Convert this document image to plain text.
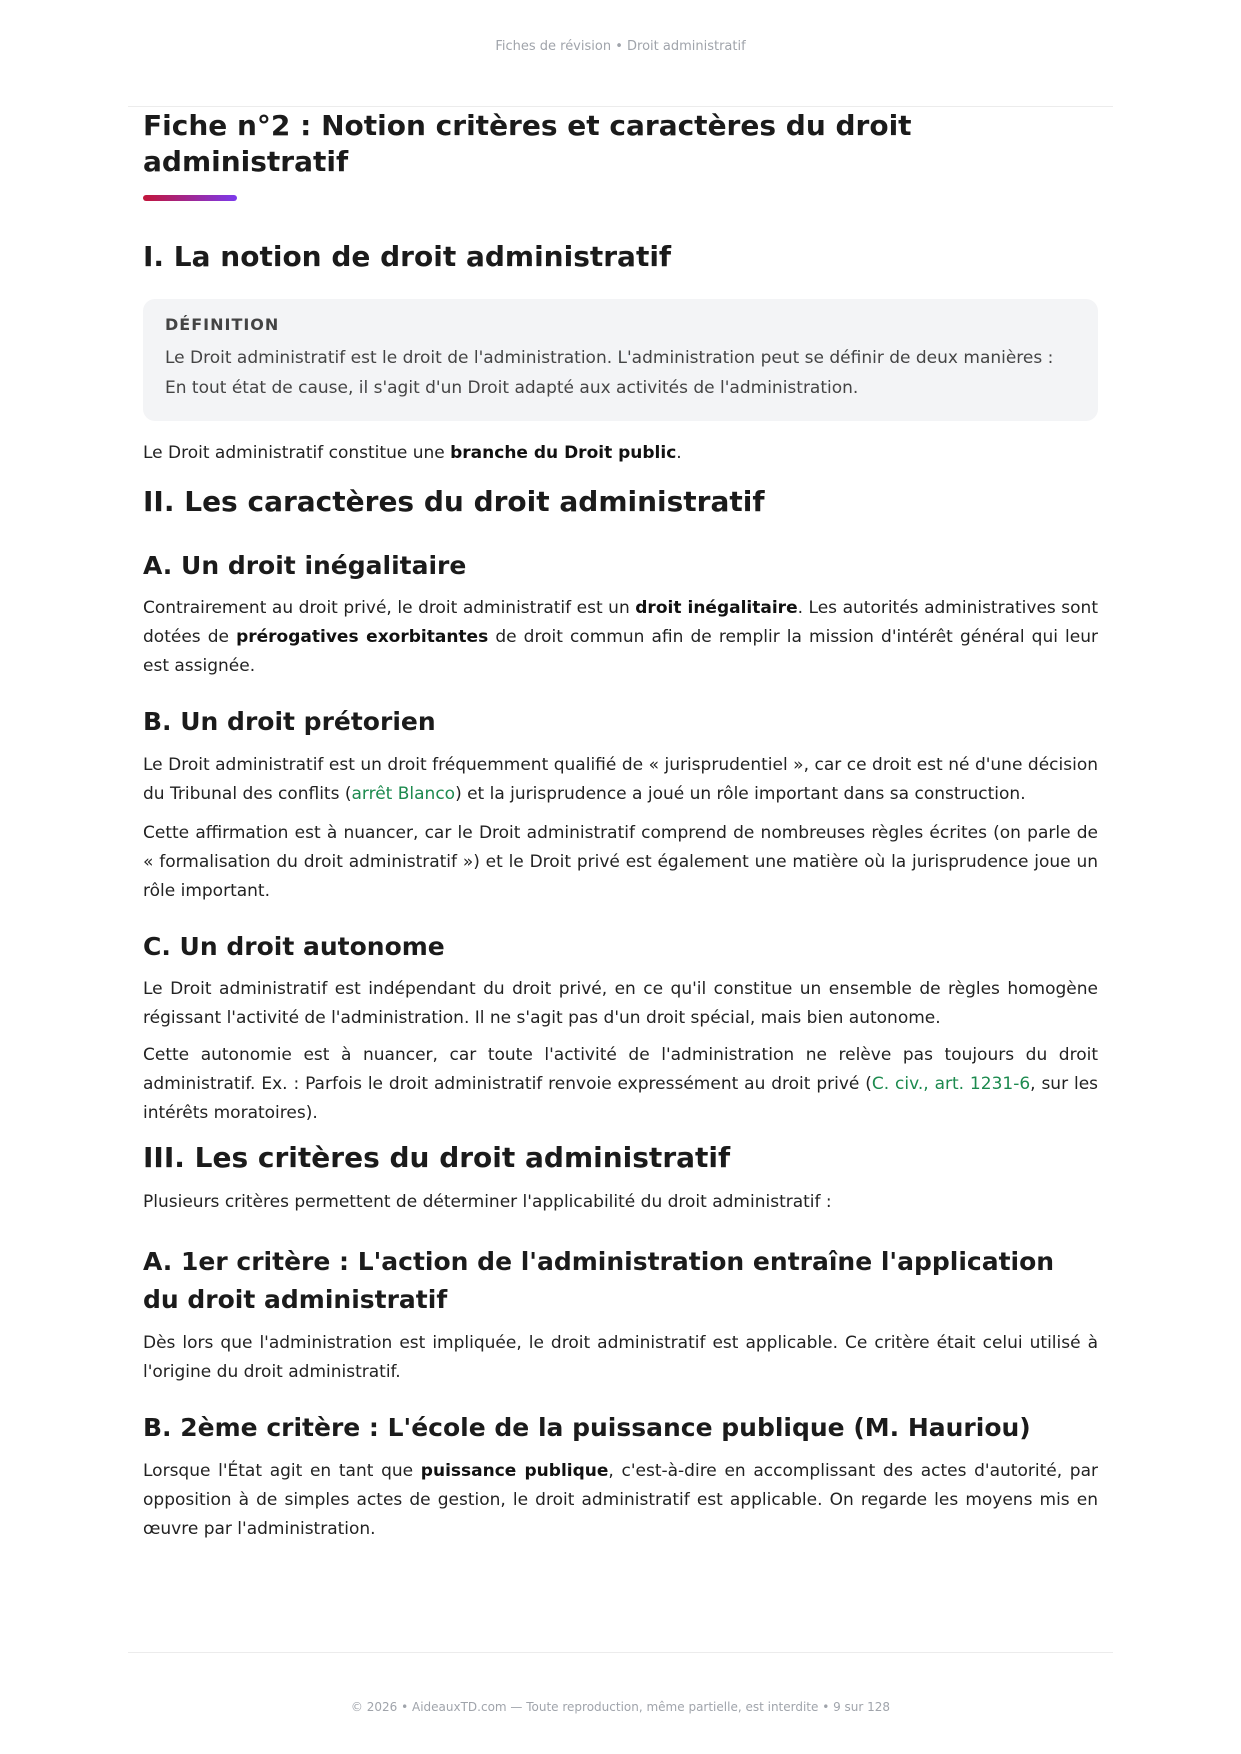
Fiches de révision • Droit administratif
Fiche n°2 : Notion critères et caractères du droit administratif
I. La notion de droit administratif
DÉFINITION

Le Droit administratif est le droit de l'administration. L'administration peut se définir de deux manières :

En tout état de cause, il s'agit d'un Droit adapté aux activités de l'administration.

Le Droit administratif constitue une branche du Droit public.

II. Les caractères du droit administratif
A. Un droit inégalitaire

Contrairement au droit privé, le droit administratif est un droit inégalitaire. Les autorités administratives sont dotées de prérogatives exorbitantes de droit commun afin de remplir la mission d'intérêt général qui leur est assignée.

B. Un droit prétorien

Le Droit administratif est un droit fréquemment qualifié de « jurisprudentiel », car ce droit est né d'une décision du Tribunal des conflits (arrêt Blanco) et la jurisprudence a joué un rôle important dans sa construction.

Cette affirmation est à nuancer, car le Droit administratif comprend de nombreuses règles écrites (on parle de « formalisation du droit administratif ») et le Droit privé est également une matière où la jurisprudence joue un rôle important.

C. Un droit autonome

Le Droit administratif est indépendant du droit privé, en ce qu'il constitue un ensemble de règles homogène régissant l'activité de l'administration. Il ne s'agit pas d'un droit spécial, mais bien autonome.

Cette autonomie est à nuancer, car toute l'activité de l'administration ne relève pas toujours du droit administratif. Ex. : Parfois le droit administratif renvoie expressément au droit privé (C. civ., art. 1231-6, sur les intérêts moratoires).

III. Les critères du droit administratif

Plusieurs critères permettent de déterminer l'applicabilité du droit administratif :

A. 1er critère : L'action de l'administration entraîne l'application du droit administratif

Dès lors que l'administration est impliquée, le droit administratif est applicable. Ce critère était celui utilisé à l'origine du droit administratif.

B. 2ème critère : L'école de la puissance publique (M. Hauriou)

Lorsque l'État agit en tant que puissance publique, c'est-à-dire en accomplissant des actes d'autorité, par opposition à de simples actes de gestion, le droit administratif est applicable. On regarde les moyens mis en œuvre par l'administration.

© 2026 • AideauxTD.com — Toute reproduction, même partielle, est interdite • 9 sur 128
